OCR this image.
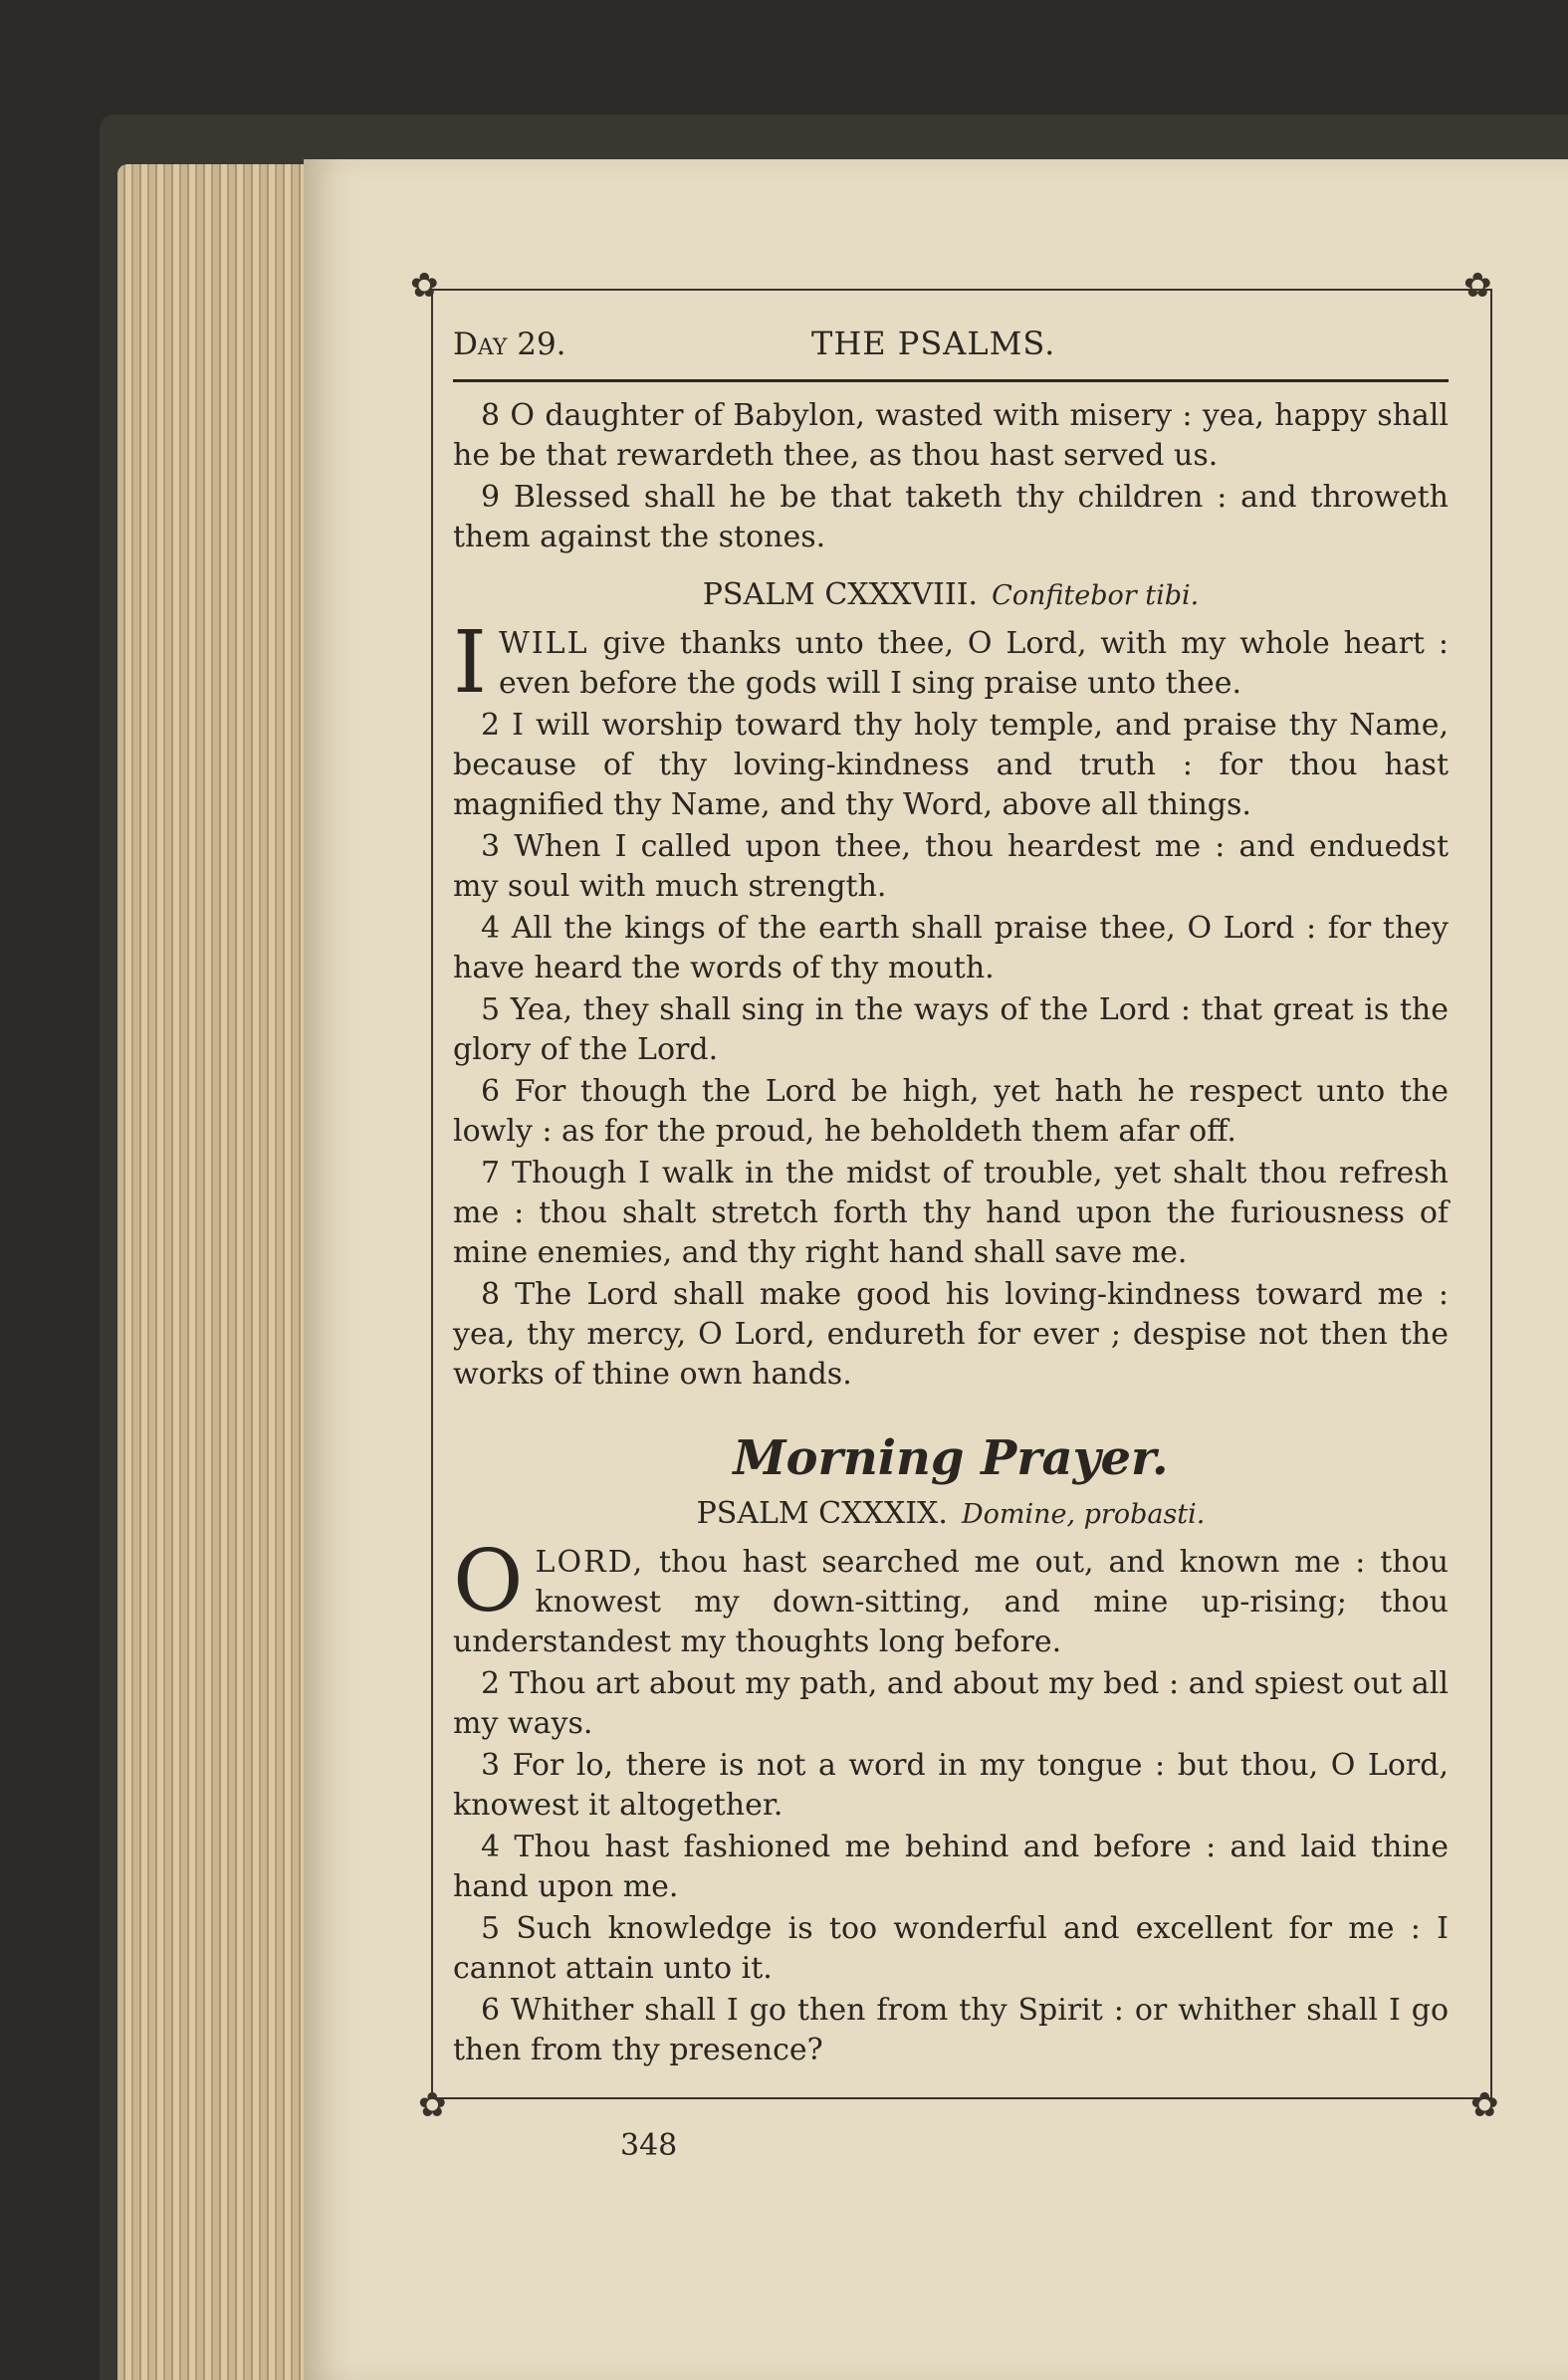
✿	✿
✿	✿
Day 29.	THE PSALMS.

8 O daughter of Babylon, wasted with misery : yea, happy shall he be that rewardeth thee, as thou hast served us.

9 Blessed shall he be that taketh thy children : and throweth them against the stones.

PSALM CXXXVIII. Confitebor tibi.

IWILL give thanks unto thee, O Lord, with my whole heart : even before the gods will I sing praise unto thee.

2 I will worship toward thy holy temple, and praise thy Name, because of thy loving-kindness and truth : for thou hast magnified thy Name, and thy Word, above all things.

3 When I called upon thee, thou heardest me : and enduedst my soul with much strength.

4 All the kings of the earth shall praise thee, O Lord : for they have heard the words of thy mouth.

5 Yea, they shall sing in the ways of the Lord : that great is the glory of the Lord.

6 For though the Lord be high, yet hath he respect unto the lowly : as for the proud, he beholdeth them afar off.

7 Though I walk in the midst of trouble, yet shalt thou refresh me : thou shalt stretch forth thy hand upon the furiousness of mine enemies, and thy right hand shall save me.

8 The Lord shall make good his loving-kindness toward me : yea, thy mercy, O Lord, endureth for ever ; despise not then the works of thine own hands.

Morning Prayer.
PSALM CXXXIX. Domine, probasti.

OLORD, thou hast searched me out, and known me : thou knowest my down-sitting, and mine up-rising; thou understandest my thoughts long before.

2 Thou art about my path, and about my bed : and spiest out all my ways.

3 For lo, there is not a word in my tongue : but thou, O Lord, knowest it altogether.

4 Thou hast fashioned me behind and before : and laid thine hand upon me.

5 Such knowledge is too wonderful and excellent for me : I cannot attain unto it.

6 Whither shall I go then from thy Spirit : or whither shall I go then from thy presence?

348
